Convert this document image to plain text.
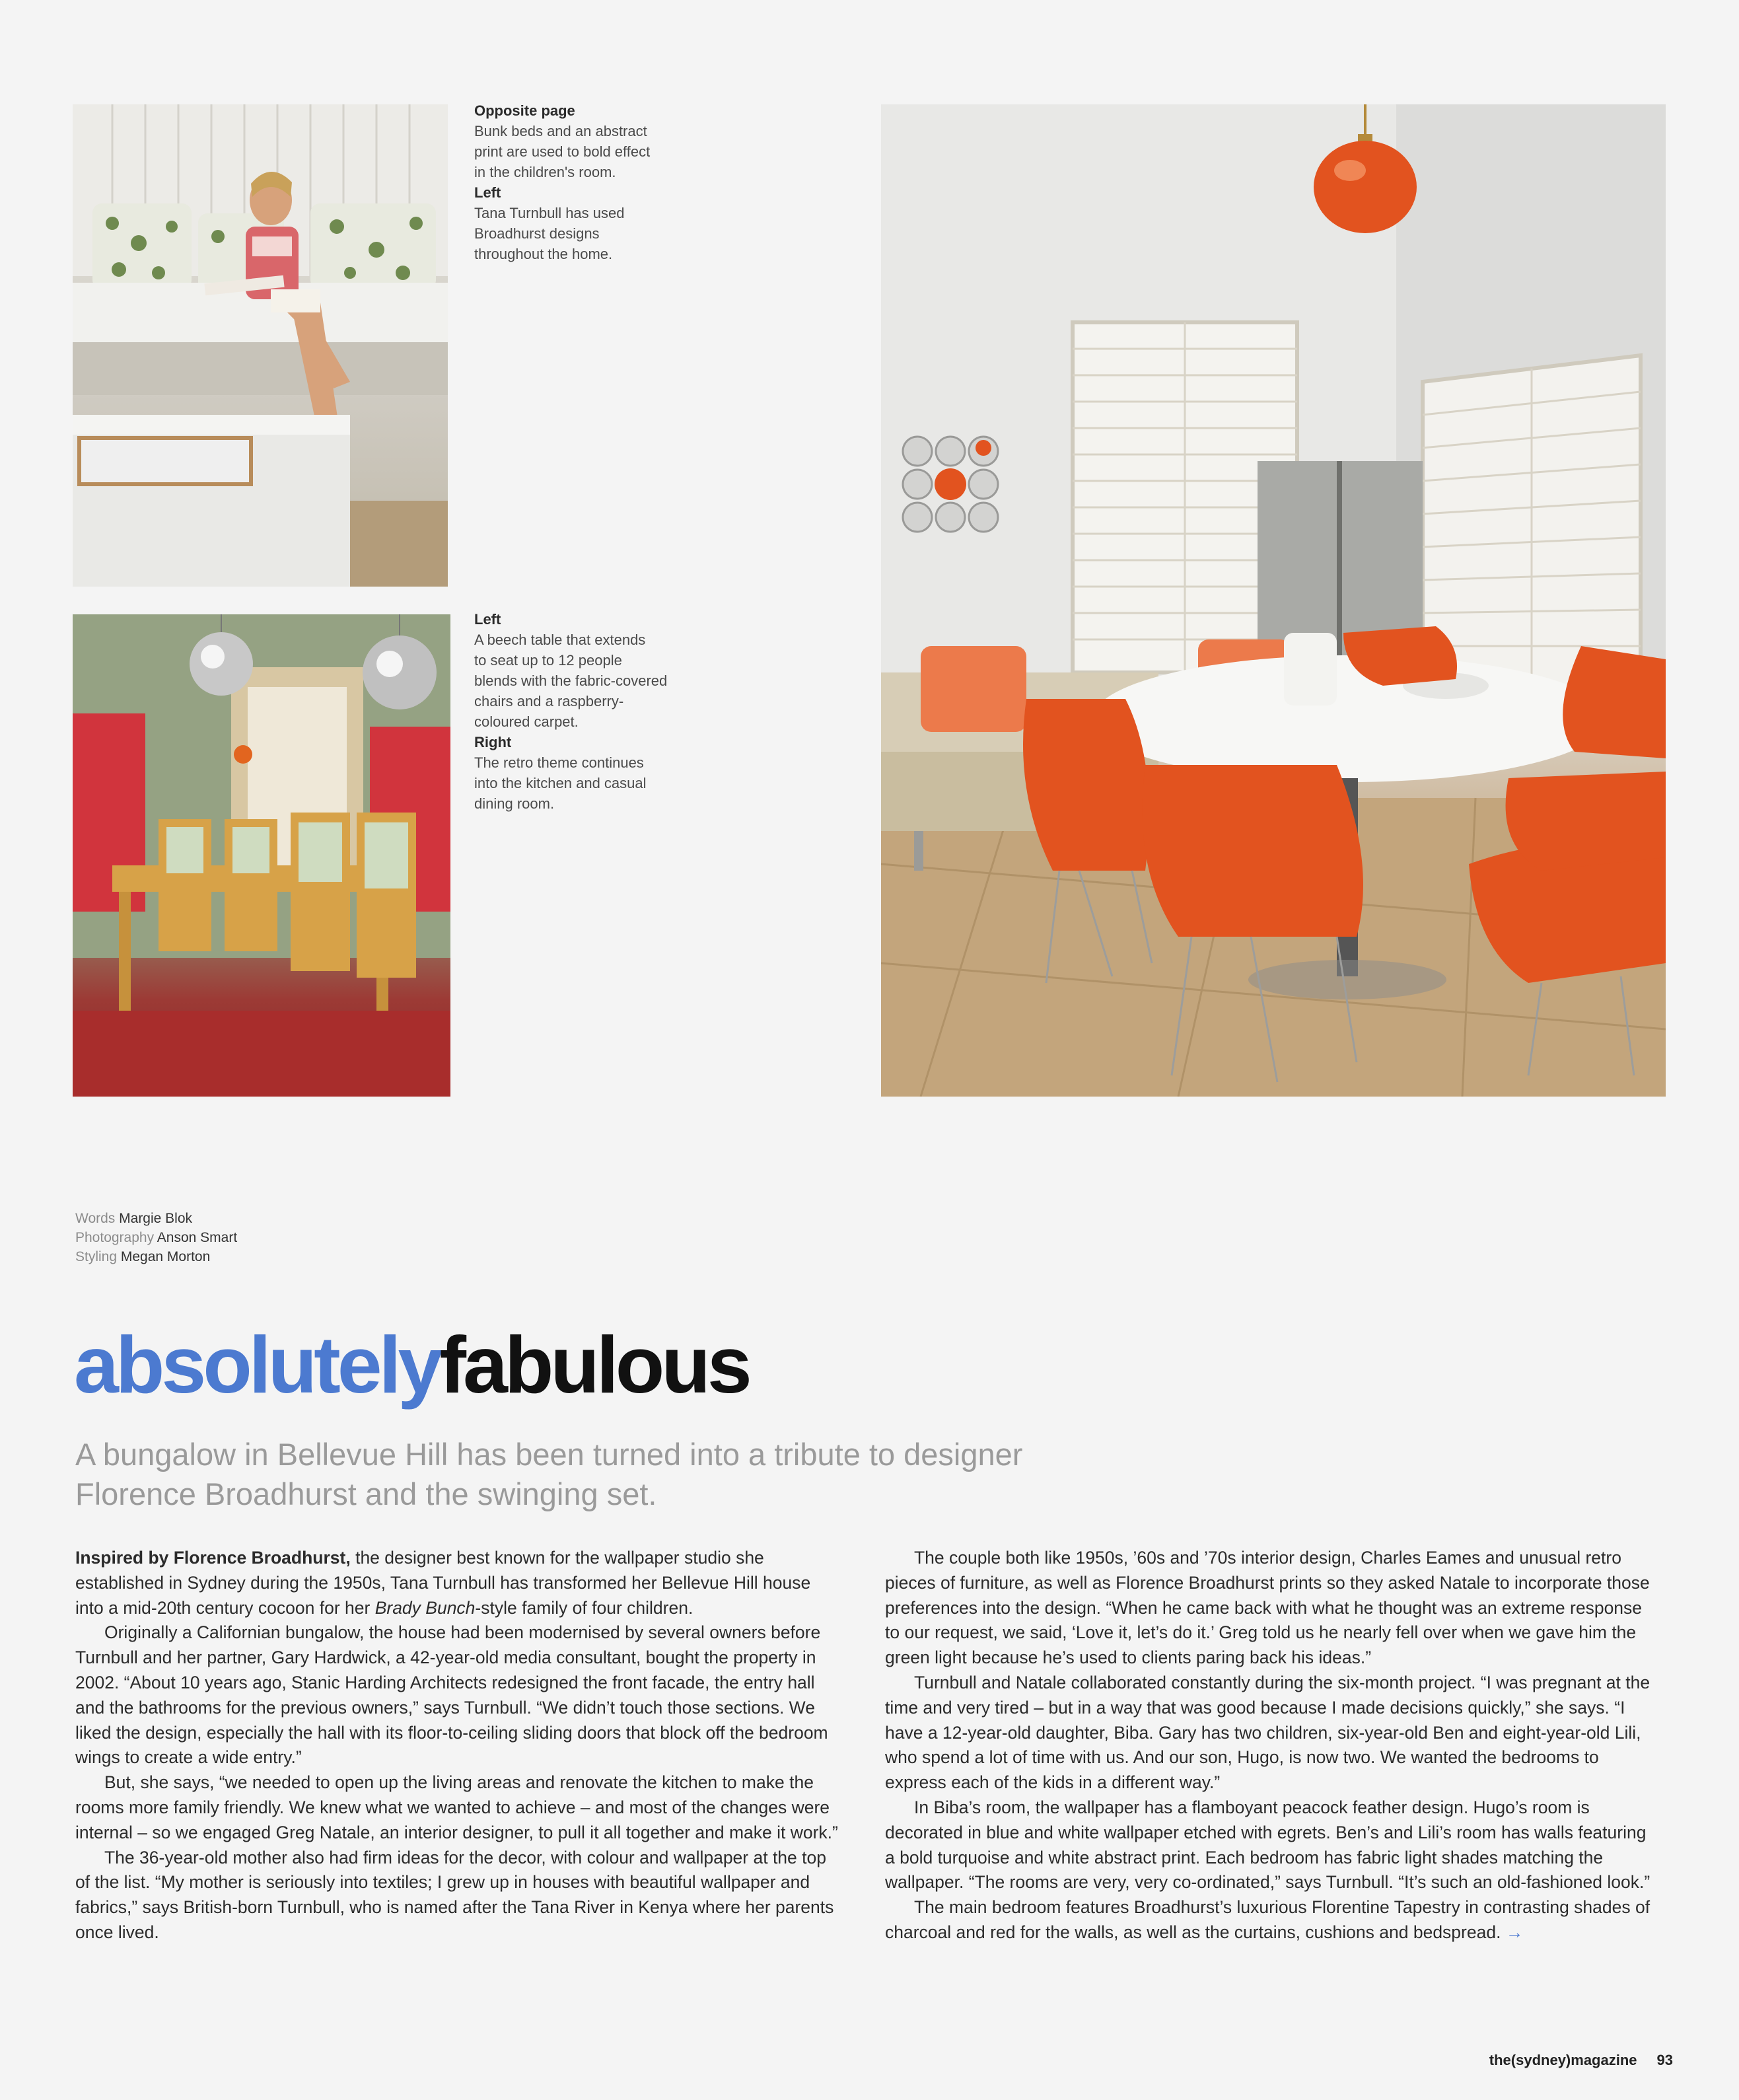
Opposite page
Bunk beds and an abstract
print are used to bold effect
in the children's room.
Left
Tana Turnbull has used
Broadhurst designs
throughout the home.
Left
A beech table that extends
to seat up to 12 people
blends with the fabric-covered
chairs and a raspberry-
coloured carpet.
Right
The retro theme continues
into the kitchen and casual
dining room.
Words Margie Blok
Photography Anson Smart
Styling Megan Morton
absolutelyfabulous
A bungalow in Bellevue Hill has been turned into a tribute to designer Florence Broadhurst and the swinging set.

Inspired by Florence Broadhurst, the designer best known for the wallpaper studio she established in Sydney during the 1950s, Tana Turnbull has transformed her Bellevue Hill house into a mid-20th century cocoon for her Brady Bunch-style family of four children.

Originally a Californian bungalow, the house had been modernised by several owners before Turnbull and her partner, Gary Hardwick, a 42-year-old media consultant, bought the property in 2002. “About 10 years ago, Stanic Harding Architects redesigned the front facade, the entry hall and the bathrooms for the previous owners,” says Turnbull. “We didn’t touch those sections. We liked the design, especially the hall with its floor-to-ceiling sliding doors that block off the bedroom wings to create a wide entry.”

But, she says, “we needed to open up the living areas and renovate the kitchen to make the rooms more family friendly. We knew what we wanted to achieve – and most of the changes were internal – so we engaged Greg Natale, an interior designer, to pull it all together and make it work.”

The 36-year-old mother also had firm ideas for the decor, with colour and wallpaper at the top of the list. “My mother is seriously into textiles; I grew up in houses with beautiful wallpaper and fabrics,” says British-born Turnbull, who is named after the Tana River in Kenya where her parents once lived.

The couple both like 1950s, ’60s and ’70s interior design, Charles Eames and unusual retro pieces of furniture, as well as Florence Broadhurst prints so they asked Natale to incorporate those preferences into the design. “When he came back with what he thought was an extreme response to our request, we said, ‘Love it, let’s do it.’ Greg told us he nearly fell over when we gave him the green light because he’s used to clients paring back his ideas.”

Turnbull and Natale collaborated constantly during the six-month project. “I was pregnant at the time and very tired – but in a way that was good because I made decisions quickly,” she says. “I have a 12-year-old daughter, Biba. Gary has two children, six-year-old Ben and eight-year-old Lili, who spend a lot of time with us. And our son, Hugo, is now two. We wanted the bedrooms to express each of the kids in a different way.”

In Biba’s room, the wallpaper has a flamboyant peacock feather design. Hugo’s room is decorated in blue and white wallpaper etched with egrets. Ben’s and Lili’s room has walls featuring a bold turquoise and white abstract print. Each bedroom has fabric light shades matching the wallpaper. “The rooms are very, very co-ordinated,” says Turnbull. “It’s such an old-fashioned look.”

The main bedroom features Broadhurst’s luxurious Florentine Tapestry in contrasting shades of charcoal and red for the walls, as well as the curtains, cushions and bedspread. →

the(sydney)magazine 93
